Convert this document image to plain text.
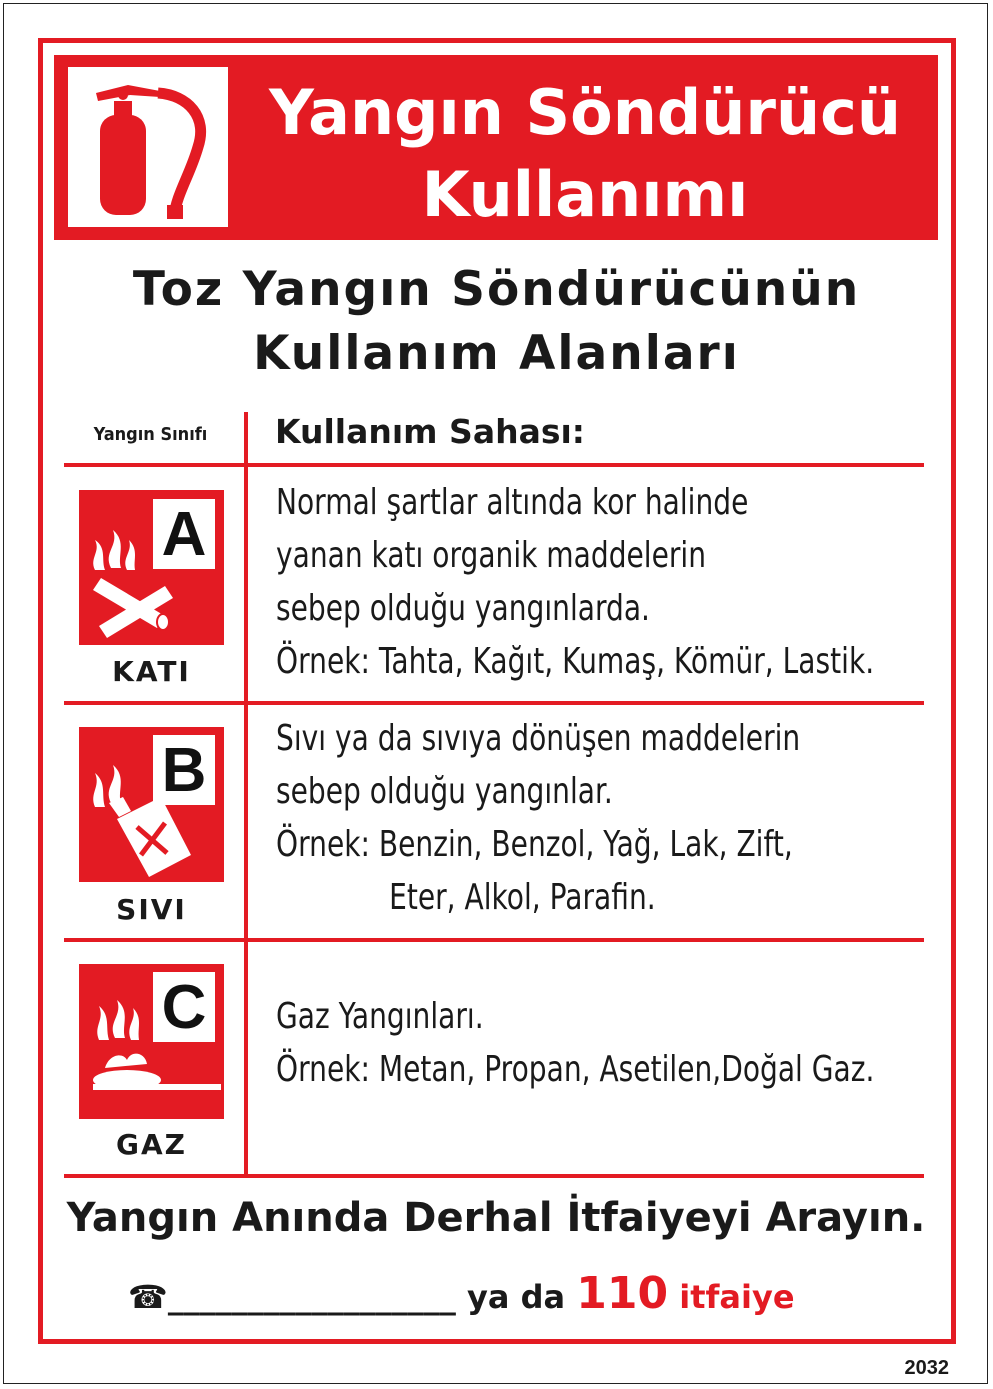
Yangın Söndürücü
Kullanımı
Toz Yangın Söndürücünün
Kullanım Alanları
Yangın Sınıfı	Kullanım Sahası:
A
KATI
Normal şartlar altında kor halinde
yanan katı organik maddelerin
sebep olduğu yangınlarda.
Örnek: Tahta, Kağıt, Kumaş, Kömür, Lastik.
B
SIVI
Sıvı ya da sıvıya dönüşen maddelerin
sebep olduğu yangınlar.
Örnek: Benzin, Benzol, Yağ, Lak, Zift,
Eter, Alkol, Parafin.
C
GAZ
Gaz Yangınları.
Örnek: Metan, Propan, Asetilen,Doğal Gaz.
Yangın Anında Derhal İtfaiyeyi Arayın.
☎__________________ ya da 110 itfaiye
2032
